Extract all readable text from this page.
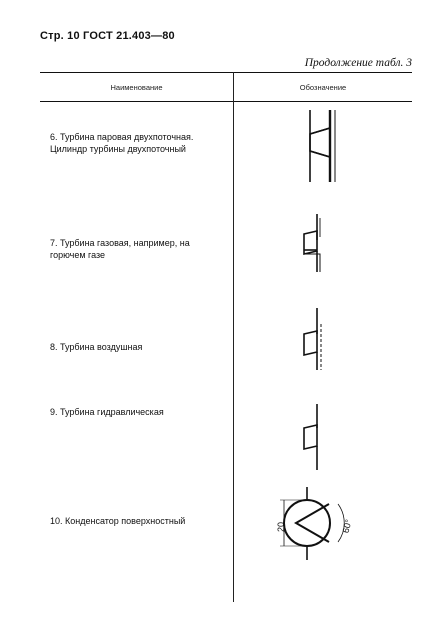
Стр. 10 ГОСТ 21.403—80
Продолжение табл. 3
Наименование	Обозначение
6. Турбина паровая двухпоточная. Цилиндр турбины двухпоточный
7. Турбина газовая, например, на горючем газе
8. Турбина воздушная
9. Турбина гидравлическая
10. Конденсатор поверхностный
20	60°
